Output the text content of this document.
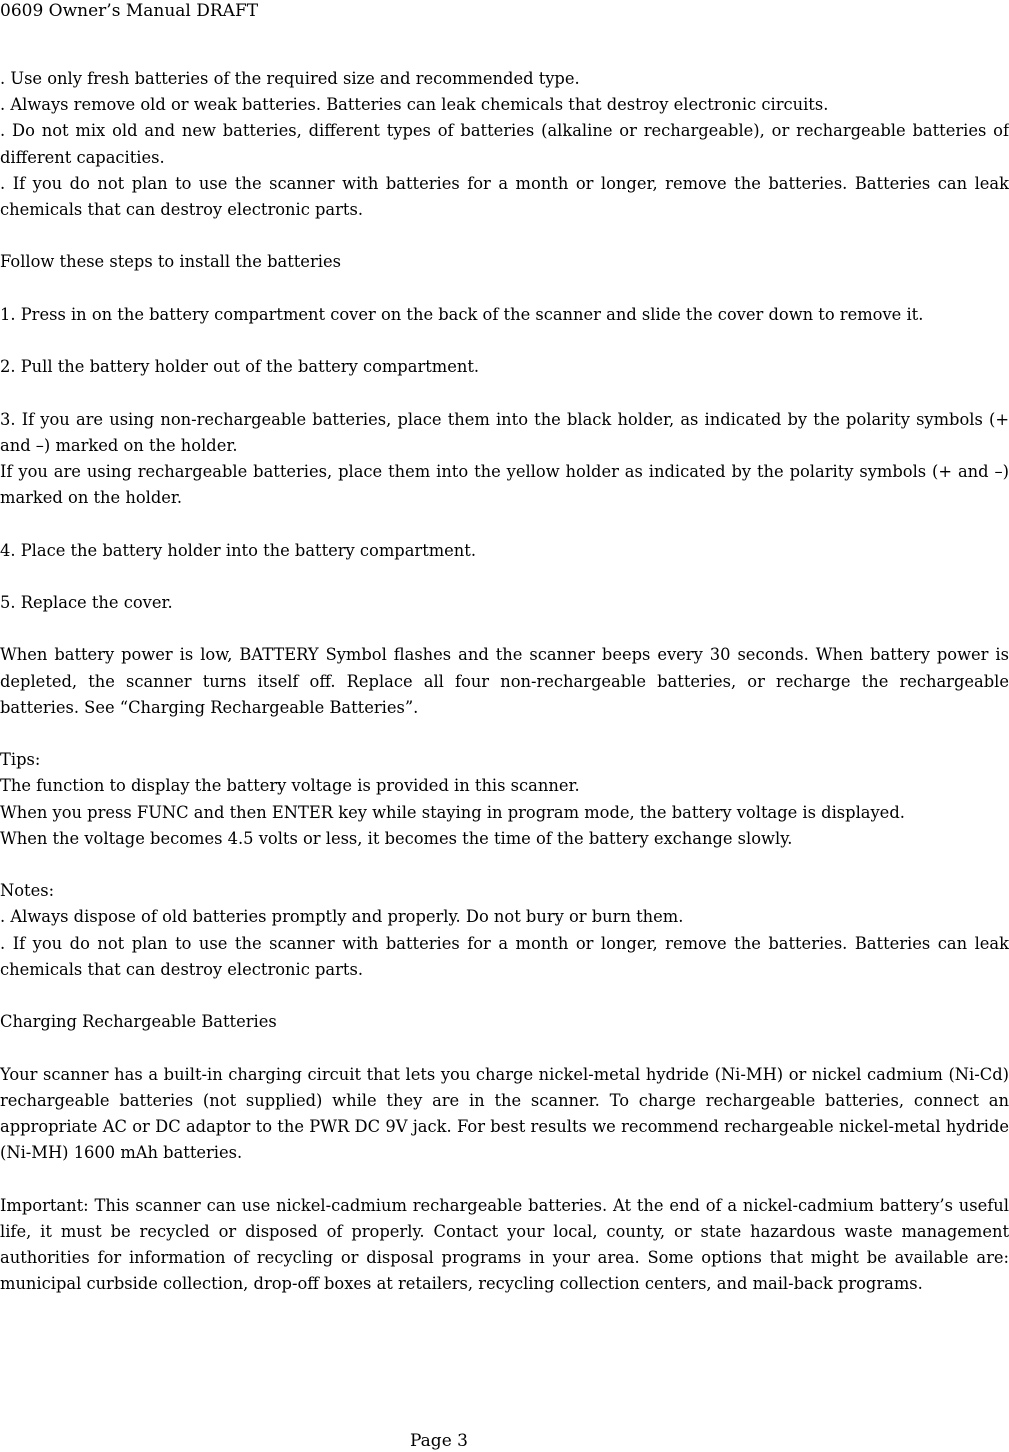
0609 Owner’s Manual DRAFT

. Use only fresh batteries of the required size and recommended type.

. Always remove old or weak batteries. Batteries can leak chemicals that destroy electronic circuits.

. Do not mix old and new batteries, different types of batteries (alkaline or rechargeable), or rechargeable batteries of different capacities.

. If you do not plan to use the scanner with batteries for a month or longer, remove the batteries. Batteries can leak chemicals that can destroy electronic parts.

Follow these steps to install the batteries

1. Press in on the battery compartment cover on the back of the scanner and slide the cover down to remove it.

2. Pull the battery holder out of the battery compartment.

3. If you are using non-rechargeable batteries, place them into the black holder, as indicated by the polarity symbols (+ and –) marked on the holder.

If you are using rechargeable batteries, place them into the yellow holder as indicated by the polarity symbols (+ and –) marked on the holder.

4. Place the battery holder into the battery compartment.

5. Replace the cover.

When battery power is low, BATTERY Symbol flashes and the scanner beeps every 30 seconds. When battery power is depleted, the scanner turns itself off. Replace all four non-rechargeable batteries, or recharge the rechargeable batteries. See “Charging Rechargeable Batteries”.

Tips:

The function to display the battery voltage is provided in this scanner.

When you press FUNC and then ENTER key while staying in program mode, the battery voltage is displayed.

When the voltage becomes 4.5 volts or less, it becomes the time of the battery exchange slowly.

Notes:

. Always dispose of old batteries promptly and properly. Do not bury or burn them.

. If you do not plan to use the scanner with batteries for a month or longer, remove the batteries. Batteries can leak chemicals that can destroy electronic parts.

Charging Rechargeable Batteries

Your scanner has a built-in charging circuit that lets you charge nickel-metal hydride (Ni-MH) or nickel cadmium (Ni-Cd) rechargeable batteries (not supplied) while they are in the scanner. To charge rechargeable batteries, connect an appropriate AC or DC adaptor to the PWR DC 9V jack. For best results we recommend rechargeable nickel-metal hydride (Ni-MH) 1600 mAh batteries.

Important: This scanner can use nickel-cadmium rechargeable batteries. At the end of a nickel-cadmium battery’s useful life, it must be recycled or disposed of properly. Contact your local, county, or state hazardous waste management authorities for information of recycling or disposal programs in your area. Some options that might be available are: municipal curbside collection, drop-off boxes at retailers, recycling collection centers, and mail-back programs.

Page 3
